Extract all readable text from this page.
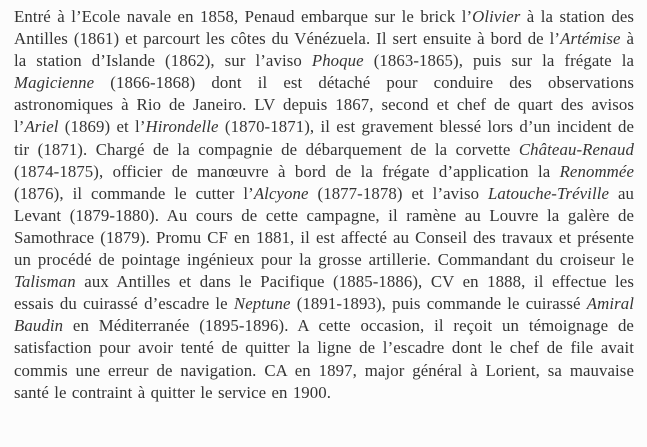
Entré à l’Ecole navale en 1858, Penaud embarque sur le brick l’Olivier à la station des Antilles (1861) et parcourt les côtes du Vénézuela. Il sert ensuite à bord de l’Artémise à la station d’Islande (1862), sur l’aviso Phoque (1863-1865), puis sur la frégate la Magicienne (1866-1868) dont il est détaché pour conduire des observations astronomiques à Rio de Janeiro. LV depuis 1867, second et chef de quart des avisos l’Ariel (1869) et l’Hirondelle (1870-1871), il est gravement blessé lors d’un incident de tir (1871). Chargé de la compagnie de débarquement de la corvette Château-Renaud (1874-1875), officier de manœuvre à bord de la frégate d’application la Renommée (1876), il commande le cutter l’Alcyone (1877-1878) et l’aviso Latouche-Tréville au Levant (1879-1880). Au cours de cette campagne, il ramène au Louvre la galère de Samothrace (1879). Promu CF en 1881, il est affecté au Conseil des travaux et présente un procédé de pointage ingénieux pour la grosse artillerie. Commandant du croiseur le Talisman aux Antilles et dans le Pacifique (1885-1886), CV en 1888, il effectue les essais du cuirassé d’escadre le Neptune (1891-1893), puis commande le cuirassé Amiral Baudin en Méditerranée (1895-1896). A cette occasion, il reçoit un témoignage de satisfaction pour avoir tenté de quitter la ligne de l’escadre dont le chef de file avait commis une erreur de navigation. CA en 1897, major général à Lorient, sa mauvaise santé le contraint à quitter le service en 1900.
